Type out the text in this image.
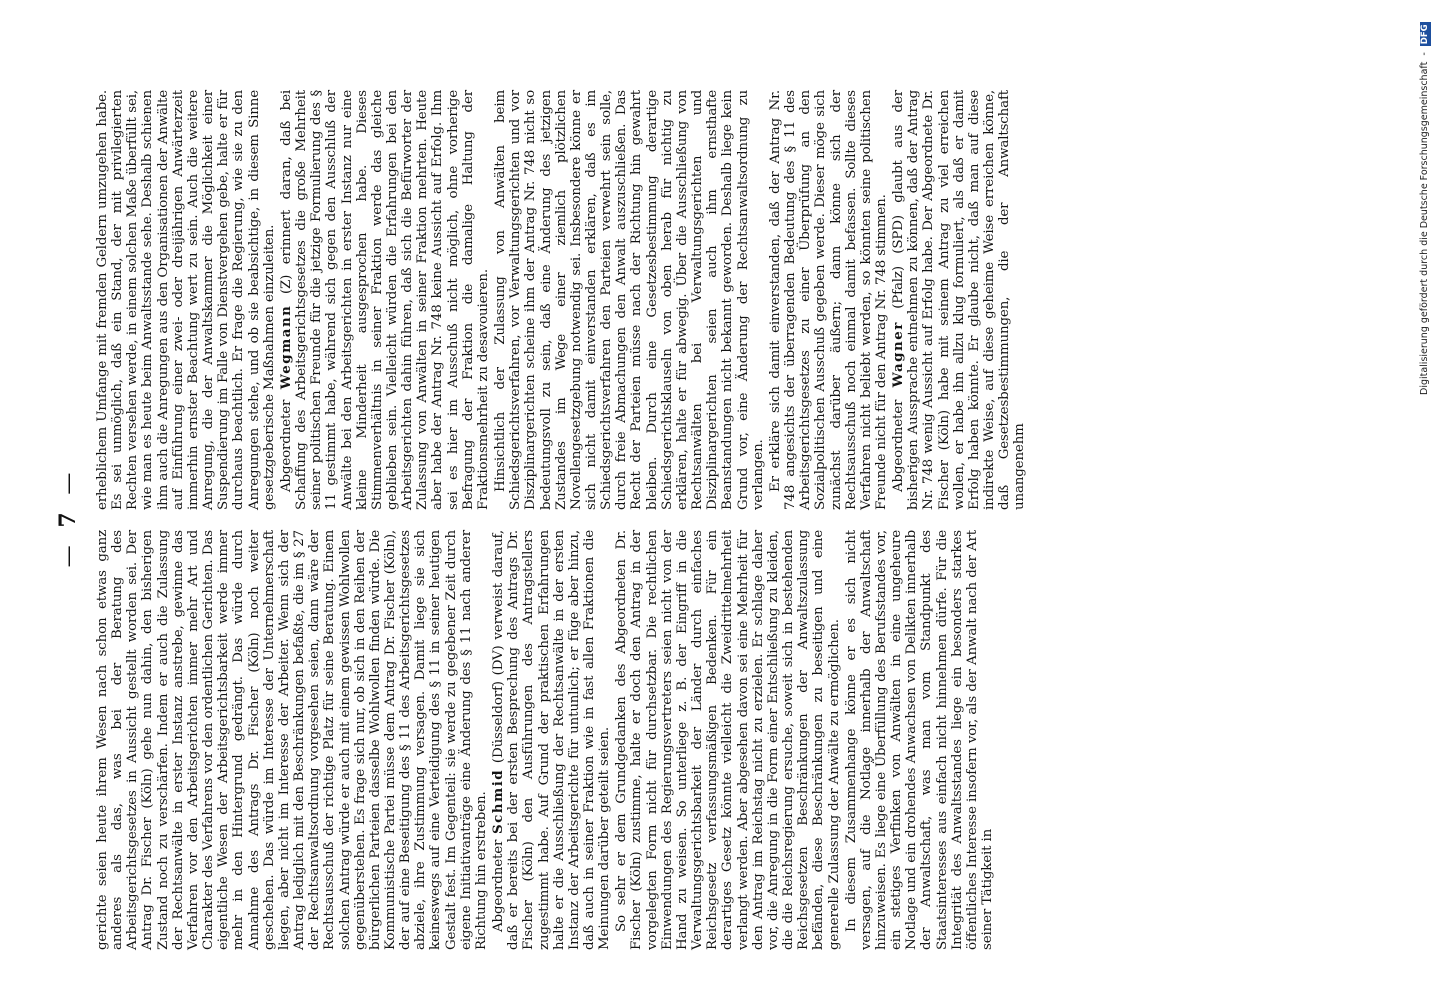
— 7 —

gerichte seien heute ihrem Wesen nach schon etwas ganz anderes als das, was bei der Beratung des Arbeitsgerichtsgesetzes in Aussicht gestellt worden sei. Der Antrag Dr. Fischer (Köln) gehe nun dahin, den bisherigen Zustand noch zu verschärfen. Indem er auch die Zulassung der Rechtsanwälte in erster Instanz anstrebe, gewinne das Verfahren vor den Arbeitsgerichten immer mehr Art und Charakter des Verfahrens vor den ordentlichen Gerichten. Das eigentliche Wesen der Arbeitsgerichtsbarkeit werde immer mehr in den Hintergrund gedrängt. Das würde durch Annahme des Antrags Dr. Fischer (Köln) noch weiter geschehen. Das würde im Interesse der Unternehmerschaft liegen, aber nicht im Interesse der Arbeiter. Wenn sich der Antrag lediglich mit den Beschränkungen befaßte, die im § 27 der Rechtsanwaltsordnung vorgesehen seien, dann wäre der Rechtsausschuß der richtige Platz für seine Beratung. Einem solchen Antrag würde er auch mit einem gewissen Wohlwollen gegenüberstehen. Es frage sich nur, ob sich in den Reihen der bürgerlichen Parteien dasselbe Wohlwollen finden würde. Die Kommunistische Partei müsse dem Antrag Dr. Fischer (Köln), der auf eine Beseitigung des § 11 des Arbeitsgerichtsgesetzes abziele, ihre Zustimmung versagen. Damit liege sie sich keineswegs auf eine Verteidigung des § 11 in seiner heutigen Gestalt fest. Im Gegenteil: sie werde zu gegebener Zeit durch eigene Initiativanträge eine Änderung des § 11 nach anderer Richtung hin erstreben. Abgeordneter Schmid (Düsseldorf) (DV) verweist darauf, daß er bereits bei der ersten Besprechung des Antrags Dr. Fischer (Köln) den Ausführungen des Antragstellers zugestimmt habe. Auf Grund der praktischen Erfahrungen halte er die Ausschließung der Rechtsanwälte in der ersten Instanz der Arbeitsgerichte für untunlich; er füge aber hinzu, daß auch in seiner Fraktion wie in fast allen Fraktionen die Meinungen darüber geteilt seien. So sehr er dem Grundgedanken des Abgeordneten Dr. Fischer (Köln) zustimme, halte er doch den Antrag in der vorgelegten Form nicht für durchsetzbar. Die rechtlichen Einwendungen des Regierungsvertreters seien nicht von der Hand zu weisen. So unterliege z. B. der Eingriff in die Verwaltungsgerichtsbarkeit der Länder durch einfaches Reichsgesetz verfassungsmäßigen Bedenken. Für ein derartiges Gesetz könnte vielleicht die Zweidrittelmehrheit verlangt werden. Aber abgesehen davon sei eine Mehrheit für den Antrag im Reichstag nicht zu erzielen. Er schlage daher vor, die Anregung in die Form einer Entschließung zu kleiden, die die Reichsregierung ersuche, soweit sich in bestehenden Reichsgesetzen Beschränkungen der Anwaltszulassung befänden, diese Beschränkungen zu beseitigen und eine generelle Zulassung der Anwälte zu ermöglichen. In diesem Zusammenhange könne er es sich nicht versagen, auf die Notlage innerhalb der Anwaltschaft hinzuweisen. Es liege eine Überfüllung des Berufsstandes vor, ein stetiges Verfinken von Anwälten in eine ungeheure Notlage und ein drohendes Anwachsen von Delikten innerhalb der Anwaltschaft, was man vom Standpunkt des Staatsinteresses aus einfach nicht hinnehmen dürfe. Für die Integrität des Anwaltsstandes liege ein besonders starkes öffentliches Interesse insofern vor, als der Anwalt nach der Art seiner Tätigkeit in

erheblichem Umfange mit fremden Geldern umzugehen habe. Es sei unmöglich, daß ein Stand, der mit privilegierten Rechten versehen werde, in einem solchen Maße überfüllt sei, wie man es heute beim Anwaltsstande sehe. Deshalb schienen ihm auch die Anregungen aus den Organisationen der Anwälte auf Einführung einer zwei- oder dreijährigen Anwärterzeit immerhin ernster Beachtung wert zu sein. Auch die weitere Anregung, die der Anwaltskammer die Möglichkeit einer Suspendierung im Falle von Dienstvergehen gebe, halte er für durchaus beachtlich. Er frage die Regierung, wie sie zu den Anregungen stehe, und ob sie beabsichtige, in diesem Sinne gesetzgeberische Maßnahmen einzuleiten. Abgeordneter Wegmann (Z) erinnert daran, daß bei Schaffung des Arbeitsgerichtsgesetzes die große Mehrheit seiner politischen Freunde für die jetzige Formulierung des § 11 gestimmt habe, während sich gegen den Ausschluß der Anwälte bei den Arbeitsgerichten in erster Instanz nur eine kleine Minderheit ausgesprochen habe. Dieses Stimmenverhältnis in seiner Fraktion werde das gleiche geblieben sein. Vielleicht würden die Erfahrungen bei den Arbeitsgerichten dahin führen, daß sich die Befürworter der Zulassung von Anwälten in seiner Fraktion mehrten. Heute aber habe der Antrag Nr. 748 keine Aussicht auf Erfolg. Ihm sei es hier im Ausschuß nicht möglich, ohne vorherige Befragung der Fraktion die damalige Haltung der Fraktionsmehrheit zu desavouieren. Hinsichtlich der Zulassung von Anwälten beim Schiedsgerichtsverfahren, vor Verwaltungsgerichten und vor Disziplinargerichten scheine ihm der Antrag Nr. 748 nicht so bedeutungsvoll zu sein, daß eine Änderung des jetzigen Zustandes im Wege einer ziemlich plötzlichen Novellengesetzgebung notwendig sei. Insbesondere könne er sich nicht damit einverstanden erklären, daß es im Schiedsgerichtsverfahren den Parteien verwehrt sein solle, durch freie Abmachungen den Anwalt auszuschließen. Das Recht der Parteien müsse nach der Richtung hin gewahrt bleiben. Durch eine Gesetzesbestimmung derartige Schiedsgerichtsklauseln von oben herab für nichtig zu erklären, halte er für abwegig. Über die Ausschließung von Rechtsanwälten bei Verwaltungsgerichten und Disziplinargerichten seien auch ihm ernsthafte Beanstandungen nicht bekannt geworden. Deshalb liege kein Grund vor, eine Änderung der Rechtsanwaltsordnung zu verlangen. Er erkläre sich damit einverstanden, daß der Antrag Nr. 748 angesichts der überragenden Bedeutung des § 11 des Arbeitsgerichtsgesetzes zu einer Überprüfung an den Sozialpolitischen Ausschuß gegeben werde. Dieser möge sich zunächst darüber äußern; dann könne sich der Rechtsausschuß noch einmal damit befassen. Sollte dieses Verfahren nicht beliebt werden, so könnten seine politischen Freunde nicht für den Antrag Nr. 748 stimmen. Abgeordneter Wagner (Pfalz) (SPD) glaubt aus der bisherigen Aussprache entnehmen zu können, daß der Antrag Nr. 748 wenig Aussicht auf Erfolg habe. Der Abgeordnete Dr. Fischer (Köln) habe mit seinem Antrag zu viel erreichen wollen, er habe ihn allzu klug formuliert, als daß er damit Erfolg haben könnte. Er glaube nicht, daß man auf diese indirekte Weise, auf diese geheime Weise erreichen könne, daß Gesetzesbestimmungen, die der Anwaltschaft unangenehm

Digitalisierung gefördert durch die Deutsche Forschungsgemeinschaft - DFG
